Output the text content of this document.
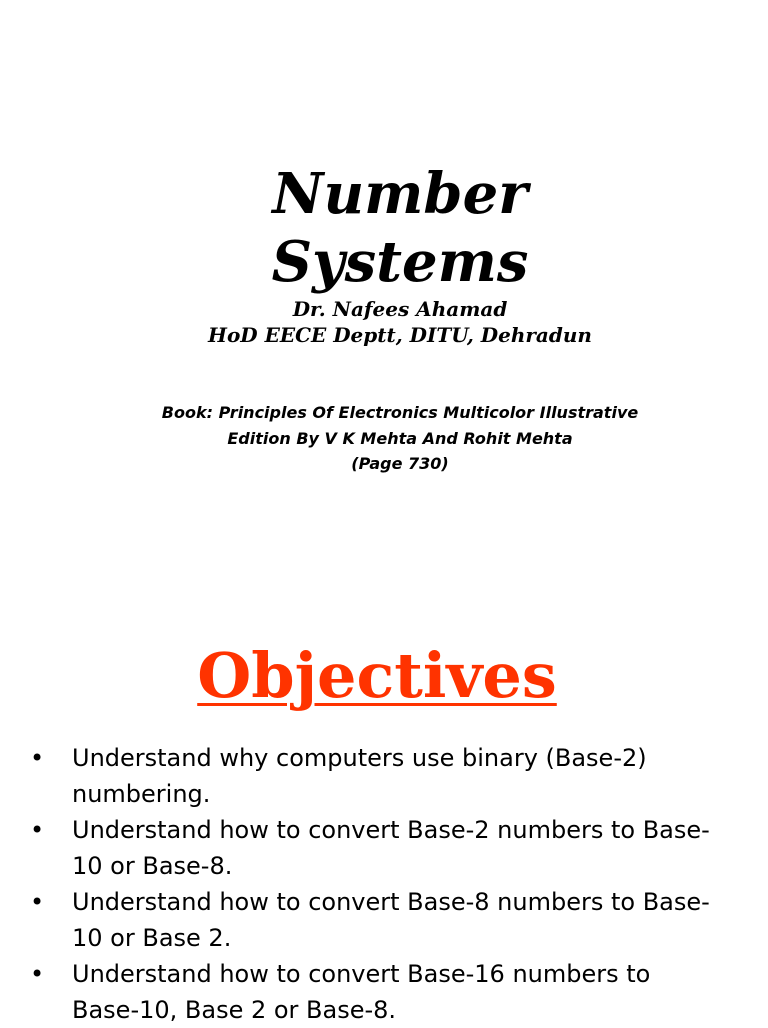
Number
Systems
Dr. Nafees Ahamad
HoD EECE Deptt, DITU, Dehradun
Book: Principles Of Electronics Multicolor Illustrative
Edition By V K Mehta And Rohit Mehta
(Page 730)
Objectives
• Understand why computers use binary (Base-2)
numbering.
• Understand how to convert Base-2 numbers to Base-
10 or Base-8.
• Understand how to convert Base-8 numbers to Base-
10 or Base 2.
• Understand how to convert Base-16 numbers to
Base-10, Base 2 or Base-8.
